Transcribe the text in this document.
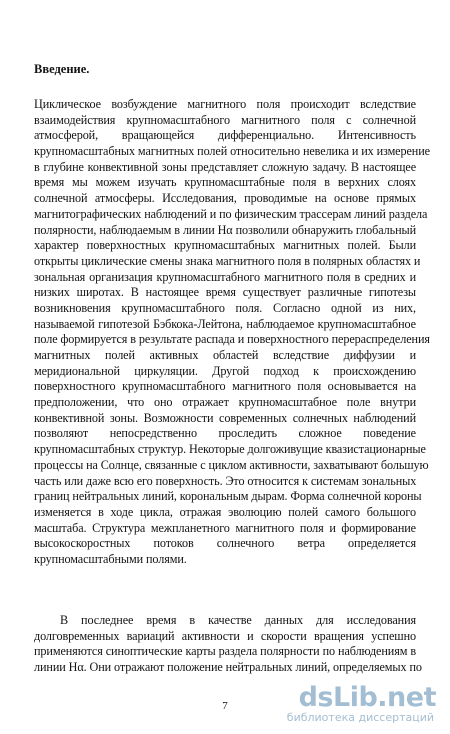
Введение.
Циклическое возбуждение магнитного поля происходит вследствие
взаимодействия крупномасштабного магнитного поля с солнечной
атмосферой, вращающейся дифференциально. Интенсивность
крупномасштабных магнитных полей относительно невелика и их измерение
в глубине конвективной зоны представляет сложную задачу. В настоящее
время мы можем изучать крупномасштабные поля в верхних слоях
солнечной атмосферы. Исследования, проводимые на основе прямых
магнитографических наблюдений и по физическим трассерам линий раздела
полярности, наблюдаемым в линии Hα позволили обнаружить глобальный
характер поверхностных крупномасштабных магнитных полей. Были
открыты циклические смены знака магнитного поля в полярных областях и
зональная организация крупномасштабного магнитного поля в средних и
низких широтах. В настоящее время существует различные гипотезы
возникновения крупномасштабного поля. Согласно одной из них,
называемой гипотезой Бэбкока-Лейтона, наблюдаемое крупномасштабное
поле формируется в результате распада и поверхностного перераспределения
магнитных полей активных областей вследствие диффузии и
меридиональной циркуляции. Другой подход к происхождению
поверхностного крупномасштабного магнитного поля основывается на
предположении, что оно отражает крупномасштабное поле внутри
конвективной зоны. Возможности современных солнечных наблюдений
позволяют непосредственно проследить сложное поведение
крупномасштабных структур. Некоторые долгоживущие квазистационарные
процессы на Солнце, связанные с циклом активности, захватывают большую
часть или даже всю его поверхность. Это относится к системам зональных
границ нейтральных линий, корональным дырам. Форма солнечной короны
изменяется в ходе цикла, отражая эволюцию полей самого большого
масштаба. Структура межпланетного магнитного поля и формирование
высокоскоростных потоков солнечного ветра определяется
крупномасштабными полями.
В последнее время в качестве данных для исследования
долговременных вариаций активности и скорости вращения успешно
применяются синоптические карты раздела полярности по наблюдениям в
линии Hα. Они отражают положение нейтральных линий, определяемых по
7	dsLib.net
библиотека диссертаций
